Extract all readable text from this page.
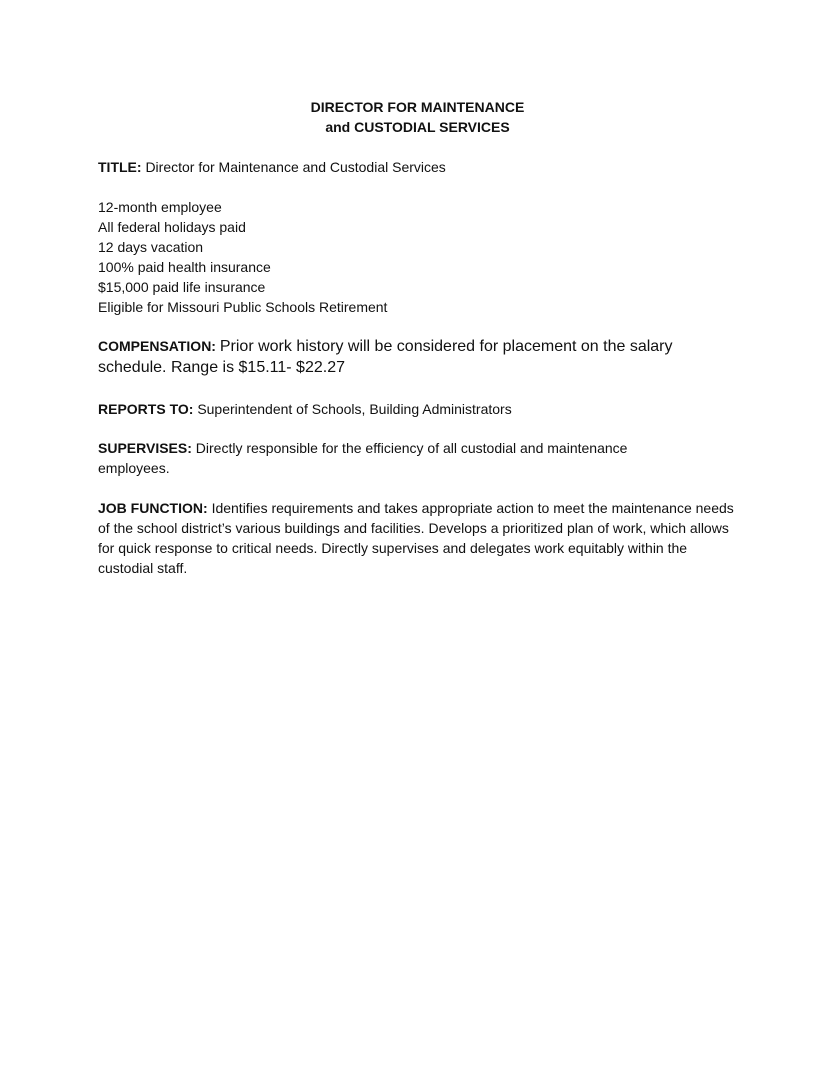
DIRECTOR FOR MAINTENANCE
and CUSTODIAL SERVICES
TITLE: Director for Maintenance and Custodial Services
12-month employee
All federal holidays paid
12 days vacation
100% paid health insurance
$15,000 paid life insurance
Eligible for Missouri Public Schools Retirement
COMPENSATION: Prior work history will be considered for placement on the salary schedule. Range is $15.11- $22.27
REPORTS TO: Superintendent of Schools, Building Administrators
SUPERVISES: Directly responsible for the efficiency of all custodial and maintenance employees.
JOB FUNCTION: Identifies requirements and takes appropriate action to meet the maintenance needs of the school district’s various buildings and facilities. Develops a prioritized plan of work, which allows for quick response to critical needs. Directly supervises and delegates work equitably within the custodial staff.
